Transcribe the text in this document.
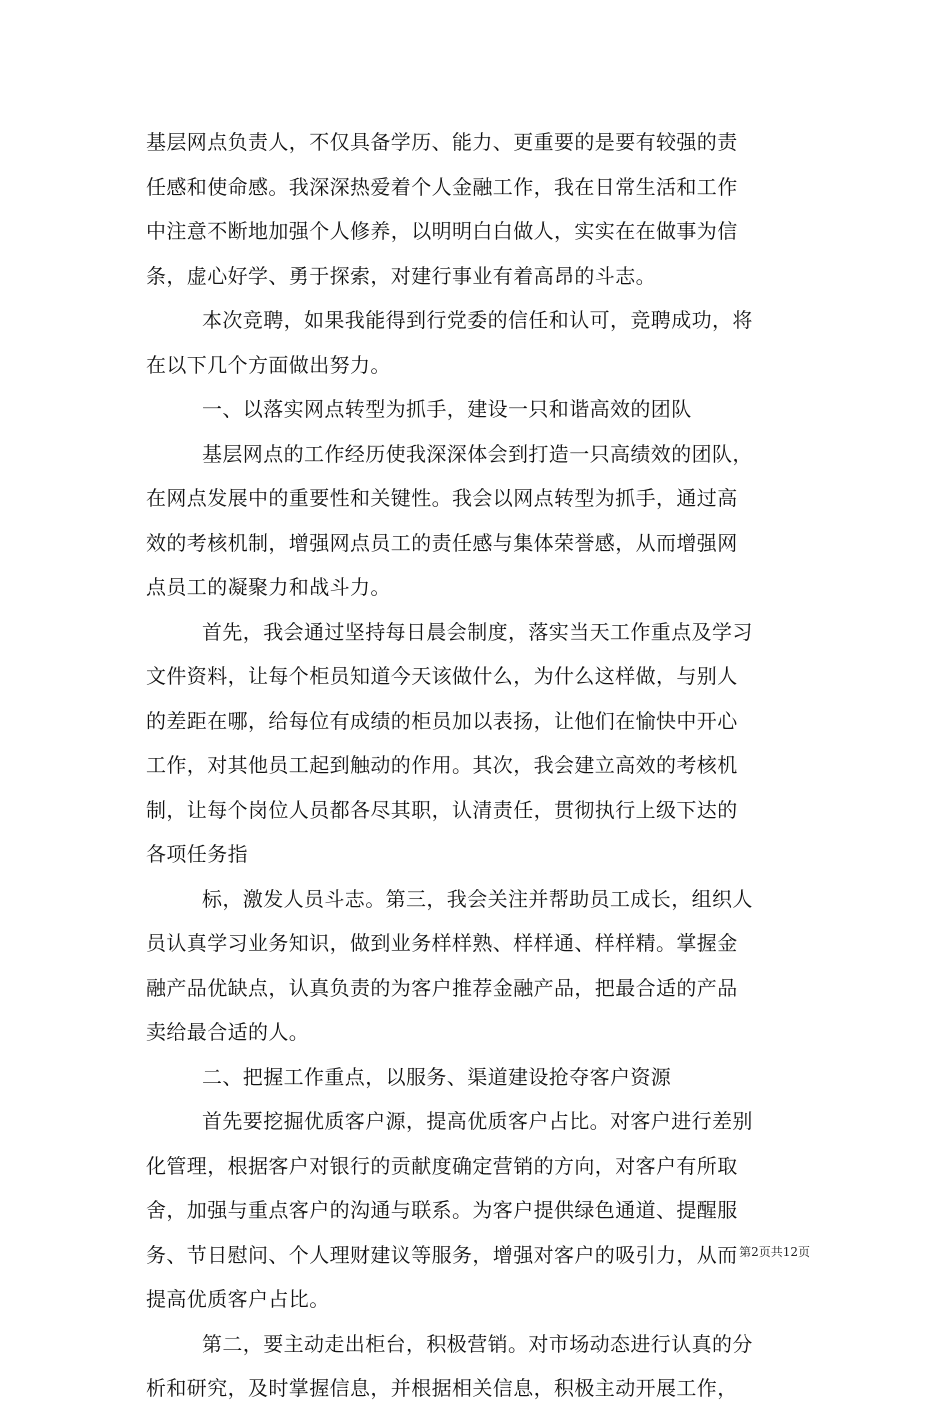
基层网点负责人，不仅具备学历、能力、更重要的是要有较强的责
任感和使命感。我深深热爱着个人金融工作，我在日常生活和工作
中注意不断地加强个人修养，以明明白白做人，实实在在做事为信
条，虚心好学、勇于探索，对建行事业有着高昂的斗志。
本次竞聘，如果我能得到行党委的信任和认可，竞聘成功，将
在以下几个方面做出努力。
一、以落实网点转型为抓手，建设一只和谐高效的团队
基层网点的工作经历使我深深体会到打造一只高绩效的团队，
在网点发展中的重要性和关键性。我会以网点转型为抓手，通过高
效的考核机制，增强网点员工的责任感与集体荣誉感，从而增强网
点员工的凝聚力和战斗力。
首先，我会通过坚持每日晨会制度，落实当天工作重点及学习
文件资料，让每个柜员知道今天该做什么，为什么这样做，与别人
的差距在哪，给每位有成绩的柜员加以表扬，让他们在愉快中开心
工作，对其他员工起到触动的作用。其次，我会建立高效的考核机
制，让每个岗位人员都各尽其职，认清责任，贯彻执行上级下达的
各项任务指
标，激发人员斗志。第三，我会关注并帮助员工成长，组织人
员认真学习业务知识，做到业务样样熟、样样通、样样精。掌握金
融产品优缺点，认真负责的为客户推荐金融产品，把最合适的产品
卖给最合适的人。
二、把握工作重点，以服务、渠道建设抢夺客户资源
首先要挖掘优质客户源，提高优质客户占比。对客户进行差别
化管理，根据客户对银行的贡献度确定营销的方向，对客户有所取
舍，加强与重点客户的沟通与联系。为客户提供绿色通道、提醒服
务、节日慰问、个人理财建议等服务，增强对客户的吸引力，从而
提高优质客户占比。
第二，要主动走出柜台，积极营销。对市场动态进行认真的分
析和研究，及时掌握信息，并根据相关信息，积极主动开展工作，
第2页共12页
